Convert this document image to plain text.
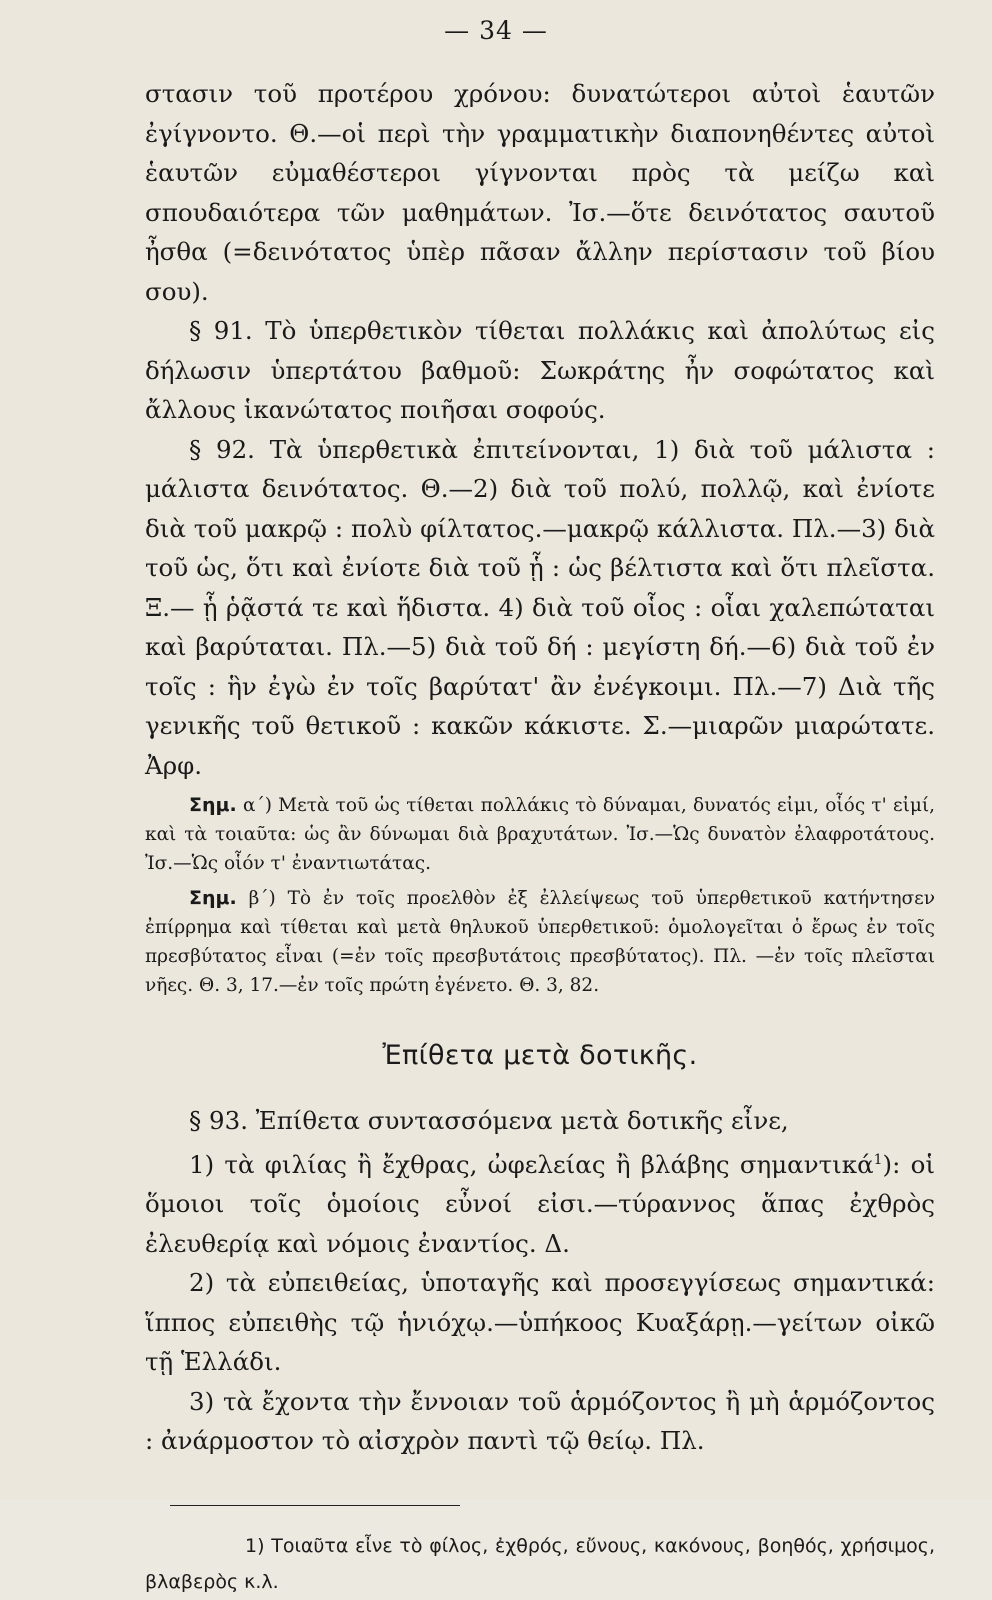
— 34 —

στασιν τοῦ προτέρου χρόνου: δυνατώτεροι αὐτοὶ ἑαυτῶν ἐγίγνοντο. Θ.—οἱ περὶ τὴν γραμματικὴν διαπονηθέντες αὐτοὶ ἑαυτῶν εὐμαθέστεροι γίγνονται πρὸς τὰ μείζω καὶ σπουδαιότερα τῶν μαθημάτων. Ἰσ.—ὅτε δεινότατος σαυτοῦ ἦσθα (=δεινότατος ὑπὲρ πᾶσαν ἄλλην περίστασιν τοῦ βίου σου).

§ 91. Τὸ ὑπερθετικὸν τίθεται πολλάκις καὶ ἀπολύτως εἰς δήλωσιν ὑπερτάτου βαθμοῦ: Σωκράτης ἦν σοφώτατος καὶ ἄλλους ἱκανώτατος ποιῆσαι σοφούς.

§ 92. Τὰ ὑπερθετικὰ ἐπιτείνονται, 1) διὰ τοῦ μάλιστα : μάλιστα δεινότατος. Θ.—2) διὰ τοῦ πολύ, πολλῷ, καὶ ἐνίοτε διὰ τοῦ μακρῷ : πολὺ φίλτατος.—μακρῷ κάλλιστα. Πλ.—3) διὰ τοῦ ὡς, ὅτι καὶ ἐνίοτε διὰ τοῦ ᾗ : ὡς βέλτιστα καὶ ὅτι πλεῖστα. Ξ.— ᾗ ῥᾷστά τε καὶ ἥδιστα. 4) διὰ τοῦ οἷος : οἷαι χαλεπώταται καὶ βαρύταται. Πλ.—5) διὰ τοῦ δή : μεγίστη δή.—6) διὰ τοῦ ἐν τοῖς : ἣν ἐγὼ ἐν τοῖς βαρύτατ' ἂν ἐνέγκοιμι. Πλ.—7) Διὰ τῆς γενικῆς τοῦ θετικοῦ : κακῶν κάκιστε. Σ.—μιαρῶν μιαρώτατε. Ἀρφ.

Σημ. α΄) Μετὰ τοῦ ὡς τίθεται πολλάκις τὸ δύναμαι, δυνατός εἰμι, οἷός τ' εἰμί, καὶ τὰ τοιαῦτα: ὡς ἂν δύνωμαι διὰ βραχυτάτων. Ἰσ.—Ὡς δυνατὸν ἐλαφροτάτους. Ἰσ.—Ὡς οἷόν τ' ἐναντιωτάτας.

Σημ. β΄) Τὸ ἐν τοῖς προελθὸν ἐξ ἐλλείψεως τοῦ ὑπερθετικοῦ κατήντησεν ἐπίρρημα καὶ τίθεται καὶ μετὰ θηλυκοῦ ὑπερθετικοῦ: ὁμολογεῖται ὁ ἔρως ἐν τοῖς πρεσβύτατος εἶναι (=ἐν τοῖς πρεσβυτάτοις πρεσβύτατος). Πλ. —ἐν τοῖς πλεῖσται νῆες. Θ. 3, 17.—ἐν τοῖς πρώτη ἐγένετο. Θ. 3, 82.

Ἐπίθετα μετὰ δοτικῆς.

§ 93. Ἐπίθετα συντασσόμενα μετὰ δοτικῆς εἶνε,

1) τὰ φιλίας ἢ ἔχθρας, ὠφελείας ἢ βλάβης σημαντικά$^1$): οἱ ὅμοιοι τοῖς ὁμοίοις εὖνοί εἰσι.—τύραννος ἅπας ἐχθρὸς ἐλευθερίᾳ καὶ νόμοις ἐναντίος. Δ.

2) τὰ εὐπειθείας, ὑποταγῆς καὶ προσεγγίσεως σημαντικά: ἵππος εὐπειθὴς τῷ ἡνιόχῳ.—ὑπήκοος Κυαξάρῃ.—γείτων οἰκῶ τῇ Ἑλλάδι.

3) τὰ ἔχοντα τὴν ἔννοιαν τοῦ ἁρμόζοντος ἢ μὴ ἁρμόζοντος : ἀνάρμοστον τὸ αἰσχρὸν παντὶ τῷ θείῳ. Πλ.

1) Τοιαῦτα εἶνε τὸ φίλος, ἐχθρός, εὔνους, κακόνους, βοηθός, χρήσιμος, βλαβερὸς κ.λ.
